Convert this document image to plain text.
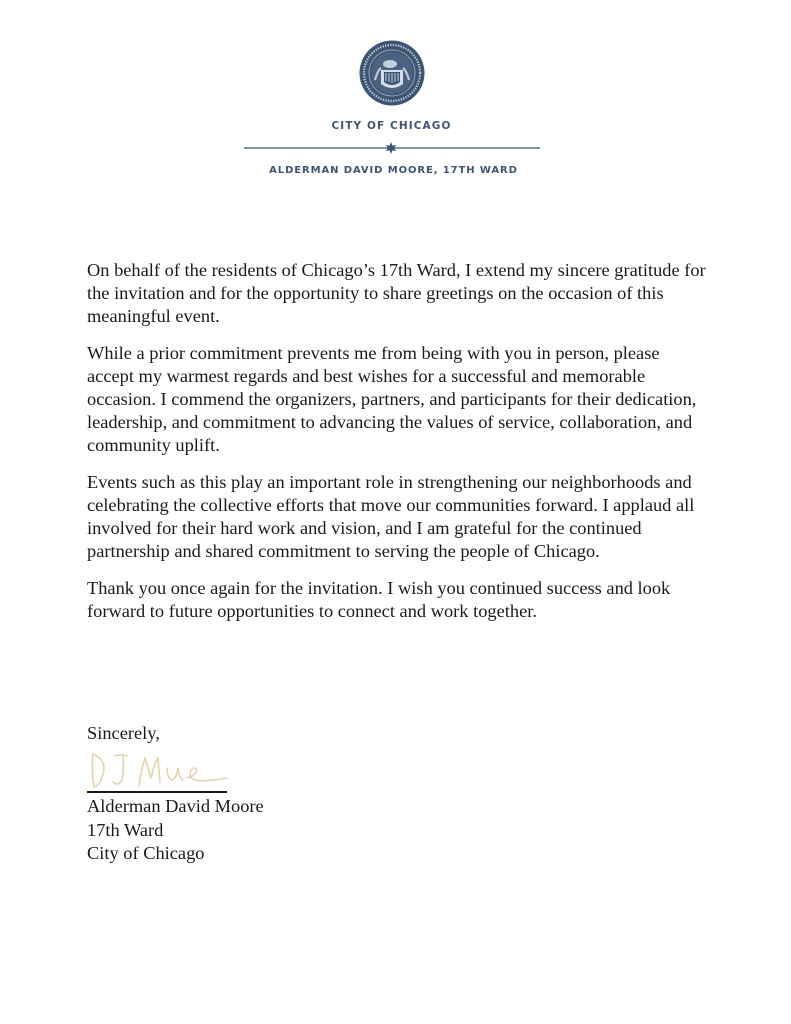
CITY OF CHICAGO
ALDERMAN DAVID MOORE, 17TH WARD

On behalf of the residents of Chicago’s 17th Ward, I extend my sincere gratitude for the invitation and for the opportunity to share greetings on the occasion of this meaningful event.

While a prior commitment prevents me from being with you in person, please accept my warmest regards and best wishes for a successful and memorable occasion. I commend the organizers, partners, and participants for their dedication, leadership, and commitment to advancing the values of service, collaboration, and community uplift.

Events such as this play an important role in strengthening our neighborhoods and celebrating the collective efforts that move our communities forward. I applaud all involved for their hard work and vision, and I am grateful for the continued partnership and shared commitment to serving the people of Chicago.

Thank you once again for the invitation. I wish you continued success and look forward to future opportunities to connect and work together.

Sincerely,
Alderman David Moore
17th Ward
City of Chicago
